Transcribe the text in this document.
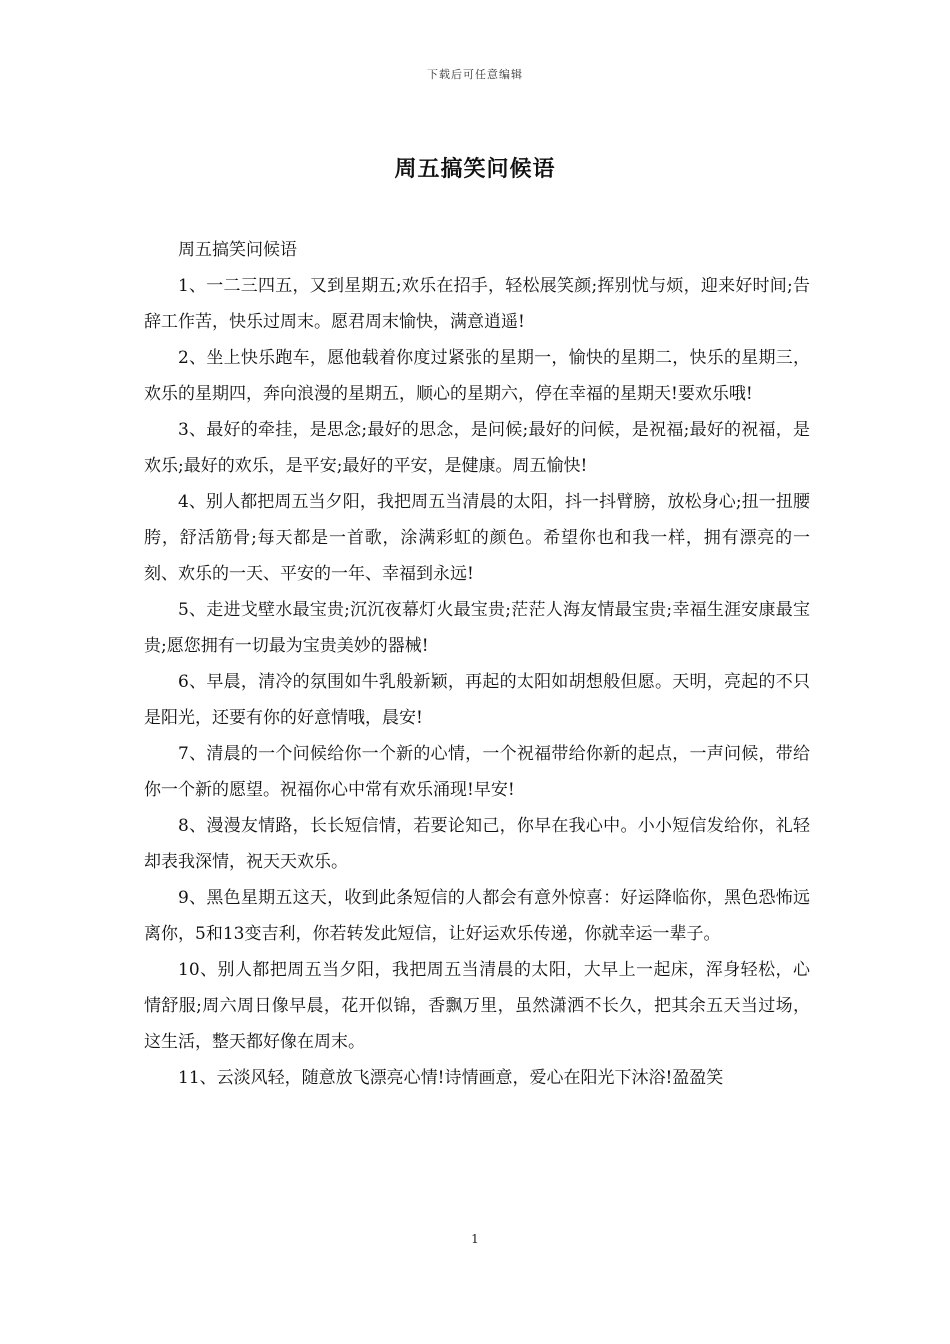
下载后可任意编辑
周五搞笑问候语

周五搞笑问候语

1、一二三四五，又到星期五;欢乐在招手，轻松展笑颜;挥别忧与烦，迎来好时间;告辞工作苦，快乐过周末。愿君周末愉快，满意逍遥!

2、坐上快乐跑车，愿他载着你度过紧张的星期一，愉快的星期二，快乐的星期三，欢乐的星期四，奔向浪漫的星期五，顺心的星期六，停在幸福的星期天!要欢乐哦!

3、最好的牵挂，是思念;最好的思念，是问候;最好的问候，是祝福;最好的祝福，是欢乐;最好的欢乐，是平安;最好的平安，是健康。周五愉快!

4、别人都把周五当夕阳，我把周五当清晨的太阳，抖一抖臂膀，放松身心;扭一扭腰胯，舒活筋骨;每天都是一首歌，涂满彩虹的颜色。希望你也和我一样，拥有漂亮的一刻、欢乐的一天、平安的一年、幸福到永远!

5、走进戈壁水最宝贵;沉沉夜幕灯火最宝贵;茫茫人海友情最宝贵;幸福生涯安康最宝贵;愿您拥有一切最为宝贵美妙的器械!

6、早晨，清冷的氛围如牛乳般新颖，再起的太阳如胡想般但愿。天明，亮起的不只是阳光，还要有你的好意情哦，晨安!

7、清晨的一个问候给你一个新的心情，一个祝福带给你新的起点，一声问候，带给你一个新的愿望。祝福你心中常有欢乐涌现!早安!

8、漫漫友情路，长长短信情，若要论知己，你早在我心中。小小短信发给你，礼轻却表我深情，祝天天欢乐。

9、黑色星期五这天，收到此条短信的人都会有意外惊喜：好运降临你，黑色恐怖远离你，5和13变吉利，你若转发此短信，让好运欢乐传递，你就幸运一辈子。

10、别人都把周五当夕阳，我把周五当清晨的太阳，大早上一起床，浑身轻松，心情舒服;周六周日像早晨，花开似锦，香飘万里，虽然潇洒不长久，把其余五天当过场，这生活，整天都好像在周末。

11、云淡风轻，随意放飞漂亮心情!诗情画意，爱心在阳光下沐浴!盈盈笑

1
